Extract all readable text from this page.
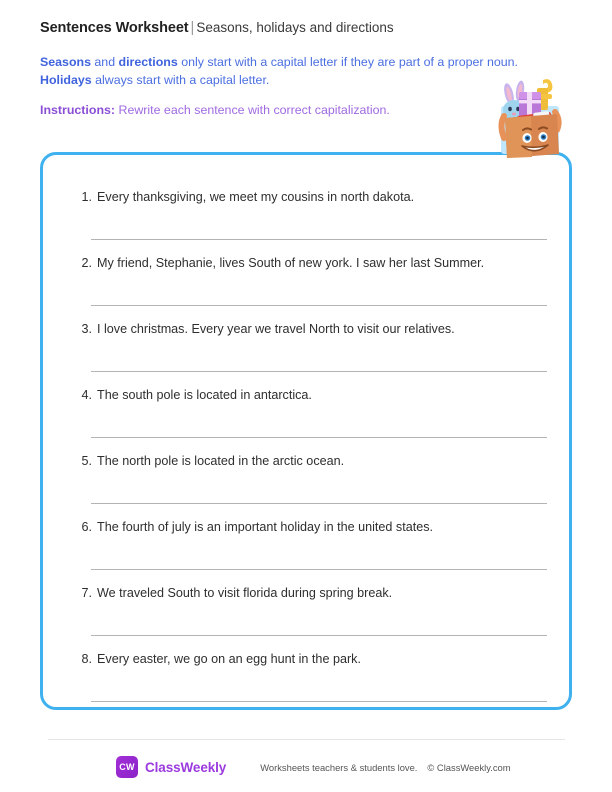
Sentences Worksheet | Seasons, holidays and directions
Seasons and directions only start with a capital letter if they are part of a proper noun. Holidays always start with a capital letter.
Instructions: Rewrite each sentence with correct capitalization.
1. Every thanksgiving, we meet my cousins in north dakota.
2. My friend, Stephanie, lives South of new york. I saw her last Summer.
3. I love christmas. Every year we travel North to visit our relatives.
4. The south pole is located in antarctica.
5. The north pole is located in the arctic ocean.
6. The fourth of july is an important holiday in the united states.
7. We traveled South to visit florida during spring break.
8. Every easter, we go on an egg hunt in the park.
CW ClassWeekly	Worksheets teachers & students love. © ClassWeekly.com
